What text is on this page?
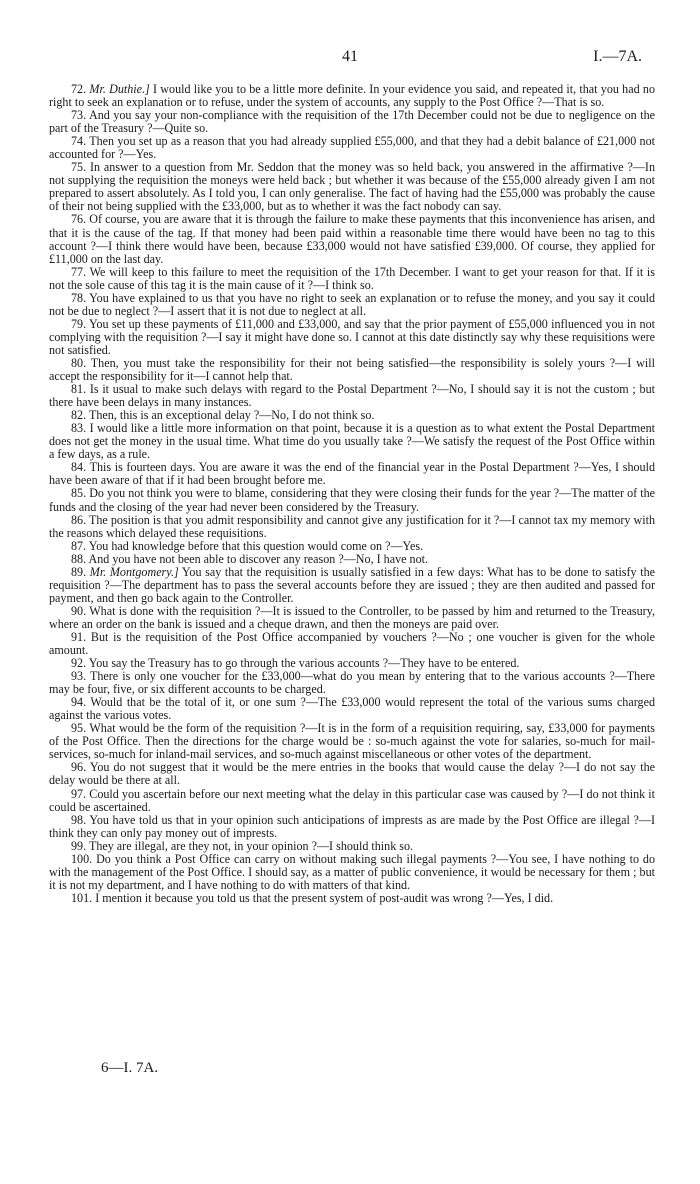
41	I.—7A.

72. Mr. Duthie.] I would like you to be a little more definite. In your evidence you said, and repeated it, that you had no right to seek an explanation or to refuse, under the system of accounts, any supply to the Post Office ?—That is so.

73. And you say your non-compliance with the requisition of the 17th December could not be due to negligence on the part of the Treasury ?—Quite so.

74. Then you set up as a reason that you had already supplied £55,000, and that they had a debit balance of £21,000 not accounted for ?—Yes.

75. In answer to a question from Mr. Seddon that the money was so held back, you answered in the affirmative ?—In not supplying the requisition the moneys were held back ; but whether it was because of the £55,000 already given I am not prepared to assert absolutely. As I told you, I can only generalise. The fact of having had the £55,000 was probably the cause of their not being supplied with the £33,000, but as to whether it was the fact nobody can say.

76. Of course, you are aware that it is through the failure to make these payments that this inconvenience has arisen, and that it is the cause of the tag. If that money had been paid within a reasonable time there would have been no tag to this account ?—I think there would have been, because £33,000 would not have satisfied £39,000. Of course, they applied for £11,000 on the last day.

77. We will keep to this failure to meet the requisition of the 17th December. I want to get your reason for that. If it is not the sole cause of this tag it is the main cause of it ?—I think so.

78. You have explained to us that you have no right to seek an explanation or to refuse the money, and you say it could not be due to neglect ?—I assert that it is not due to neglect at all.

79. You set up these payments of £11,000 and £33,000, and say that the prior payment of £55,000 influenced you in not complying with the requisition ?—I say it might have done so. I cannot at this date distinctly say why these requisitions were not satisfied.

80. Then, you must take the responsibility for their not being satisfied—the responsibility is solely yours ?—I will accept the responsibility for it—I cannot help that.

81. Is it usual to make such delays with regard to the Postal Department ?—No, I should say it is not the custom ; but there have been delays in many instances.

82. Then, this is an exceptional delay ?—No, I do not think so.

83. I would like a little more information on that point, because it is a question as to what extent the Postal Department does not get the money in the usual time. What time do you usually take ?—We satisfy the request of the Post Office within a few days, as a rule.

84. This is fourteen days. You are aware it was the end of the financial year in the Postal Department ?—Yes, I should have been aware of that if it had been brought before me.

85. Do you not think you were to blame, considering that they were closing their funds for the year ?—The matter of the funds and the closing of the year had never been considered by the Treasury.

86. The position is that you admit responsibility and cannot give any justification for it ?—I cannot tax my memory with the reasons which delayed these requisitions.

87. You had knowledge before that this question would come on ?—Yes.

88. And you have not been able to discover any reason ?—No, I have not.

89. Mr. Montgomery.] You say that the requisition is usually satisfied in a few days: What has to be done to satisfy the requisition ?—The department has to pass the several accounts before they are issued ; they are then audited and passed for payment, and then go back again to the Controller.

90. What is done with the requisition ?—It is issued to the Controller, to be passed by him and returned to the Treasury, where an order on the bank is issued and a cheque drawn, and then the moneys are paid over.

91. But is the requisition of the Post Office accompanied by vouchers ?—No ; one voucher is given for the whole amount.

92. You say the Treasury has to go through the various accounts ?—They have to be entered.

93. There is only one voucher for the £33,000—what do you mean by entering that to the various accounts ?—There may be four, five, or six different accounts to be charged.

94. Would that be the total of it, or one sum ?—The £33,000 would represent the total of the various sums charged against the various votes.

95. What would be the form of the requisition ?—It is in the form of a requisition requiring, say, £33,000 for payments of the Post Office. Then the directions for the charge would be : so-much against the vote for salaries, so-much for mail-services, so-much for inland-mail services, and so-much against miscellaneous or other votes of the department.

96. You do not suggest that it would be the mere entries in the books that would cause the delay ?—I do not say the delay would be there at all.

97. Could you ascertain before our next meeting what the delay in this particular case was caused by ?—I do not think it could be ascertained.

98. You have told us that in your opinion such anticipations of imprests as are made by the Post Office are illegal ?—I think they can only pay money out of imprests.

99. They are illegal, are they not, in your opinion ?—I should think so.

100. Do you think a Post Office can carry on without making such illegal payments ?—You see, I have nothing to do with the management of the Post Office. I should say, as a matter of public convenience, it would be necessary for them ; but it is not my department, and I have nothing to do with matters of that kind.

101. I mention it because you told us that the present system of post-audit was wrong ?—Yes, I did.

6—I. 7A.
